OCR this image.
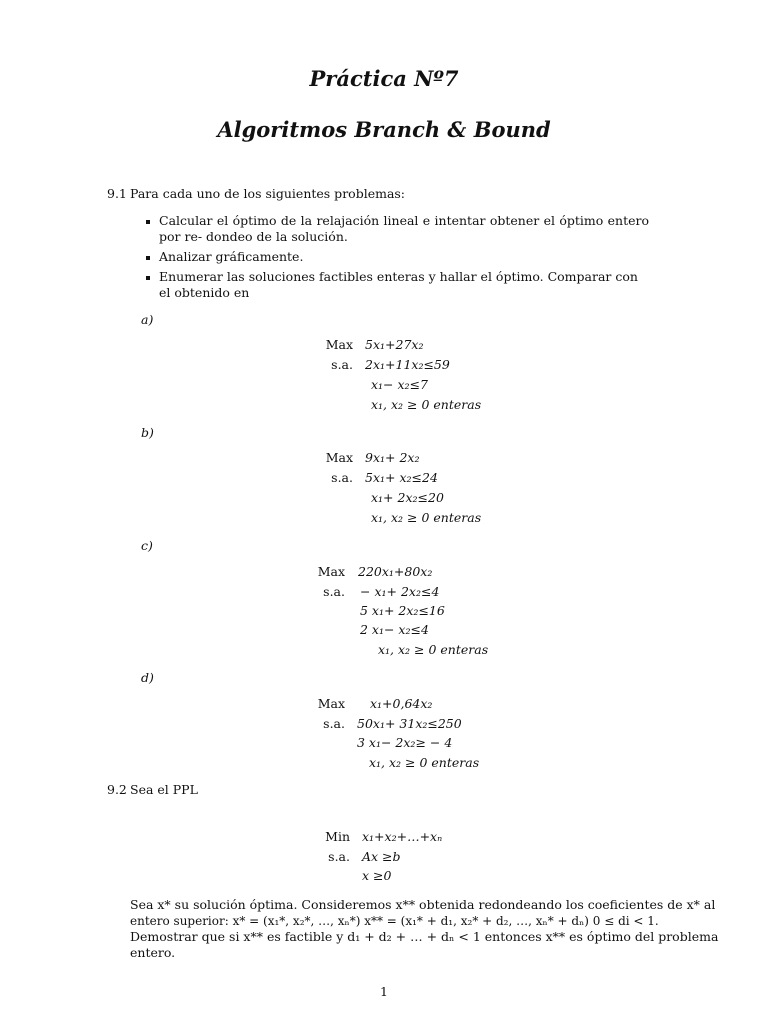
Práctica Nº7
Algoritmos Branch & Bound
9.1 Para cada uno de los siguientes problemas:
Calcular el óptimo de la relajación lineal e intentar obtener el óptimo entero por re- dondeo de la solución.
Analizar gráficamente.
Enumerar las soluciones factibles enteras y hallar el óptimo. Comparar con el obtenido en
a)
Max 5x₁+27x₂
s.a. 2x₁+11x₂≤59
x₁− x₂≤7
x₁, x₂ ≥ 0 enteras
b)
Max 9x₁+ 2x₂
s.a. 5x₁+ x₂≤24
x₁+ 2x₂≤20
x₁, x₂ ≥ 0 enteras
c)
Max 220x₁+80x₂
s.a. − x₁+ 2x₂≤4
5 x₁+ 2x₂≤16
2 x₁− x₂≤4
x₁, x₂ ≥ 0 enteras
d)
Max x₁+0,64x₂
s.a. 50x₁+ 31x₂≤250
3 x₁− 2x₂≥ − 4
x₁, x₂ ≥ 0 enteras
9.2 Sea el PPL
Min x₁+x₂+…+xₙ
s.a. Ax ≥b
x ≥0
Sea x* su solución óptima. Consideremos x** obtenida redondeando los coeficientes de x* al
entero superior: x* = (x₁*, x₂*, …, xₙ*) x** = (x₁* + d₁, x₂* + d₂, …, xₙ* + dₙ) 0 ≤ di < 1.
Demostrar que si x** es factible y d₁ + d₂ + … + dₙ < 1 entonces x** es óptimo del problema
entero.
1
